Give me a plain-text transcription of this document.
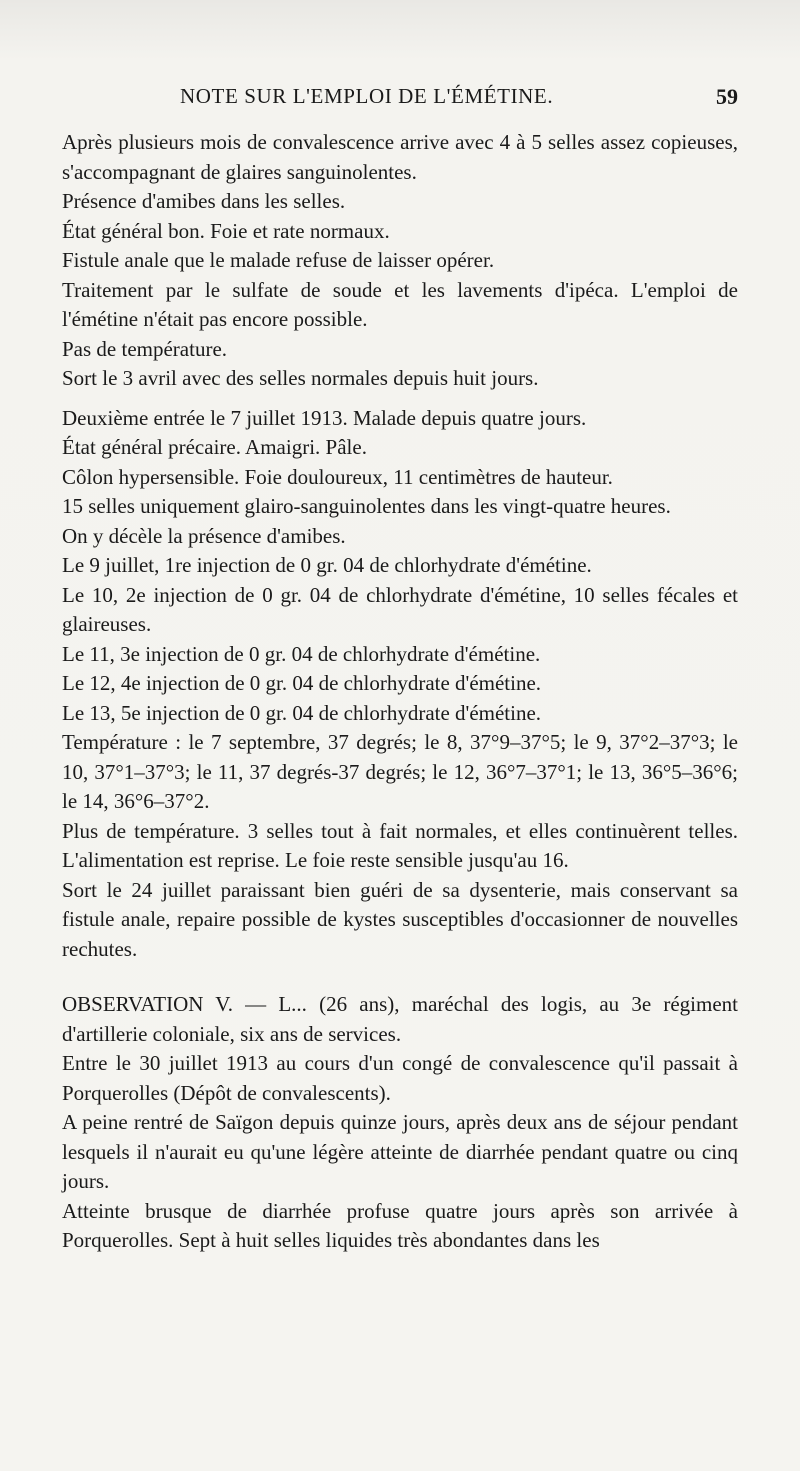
NOTE SUR L'EMPLOI DE L'ÉMÉTINE.	59

Après plusieurs mois de convalescence arrive avec 4 à 5 selles assez copieuses, s'accompagnant de glaires sanguinolentes.

Présence d'amibes dans les selles.

État général bon. Foie et rate normaux.

Fistule anale que le malade refuse de laisser opérer.

Traitement par le sulfate de soude et les lavements d'ipéca. L'emploi de l'émétine n'était pas encore possible.

Pas de température.

Sort le 3 avril avec des selles normales depuis huit jours.

Deuxième entrée le 7 juillet 1913. Malade depuis quatre jours.

État général précaire. Amaigri. Pâle.

Côlon hypersensible. Foie douloureux, 11 centimètres de hauteur.

15 selles uniquement glairo-sanguinolentes dans les vingt-quatre heures.

On y décèle la présence d'amibes.

Le 9 juillet, 1re injection de 0 gr. 04 de chlorhydrate d'émétine.

Le 10, 2e injection de 0 gr. 04 de chlorhydrate d'émétine, 10 selles fécales et glaireuses.

Le 11, 3e injection de 0 gr. 04 de chlorhydrate d'émétine.

Le 12, 4e injection de 0 gr. 04 de chlorhydrate d'émétine.

Le 13, 5e injection de 0 gr. 04 de chlorhydrate d'émétine.

Température : le 7 septembre, 37 degrés; le 8, 37°9–37°5; le 9, 37°2–37°3; le 10, 37°1–37°3; le 11, 37 degrés-37 degrés; le 12, 36°7–37°1; le 13, 36°5–36°6; le 14, 36°6–37°2.

Plus de température. 3 selles tout à fait normales, et elles continuèrent telles. L'alimentation est reprise. Le foie reste sensible jusqu'au 16.

Sort le 24 juillet paraissant bien guéri de sa dysenterie, mais conservant sa fistule anale, repaire possible de kystes susceptibles d'occasionner de nouvelles rechutes.

OBSERVATION V. — L... (26 ans), maréchal des logis, au 3e régiment d'artillerie coloniale, six ans de services.

Entre le 30 juillet 1913 au cours d'un congé de convalescence qu'il passait à Porquerolles (Dépôt de convalescents).

A peine rentré de Saïgon depuis quinze jours, après deux ans de séjour pendant lesquels il n'aurait eu qu'une légère atteinte de diarrhée pendant quatre ou cinq jours.

Atteinte brusque de diarrhée profuse quatre jours après son arrivée à Porquerolles. Sept à huit selles liquides très abondantes dans les
